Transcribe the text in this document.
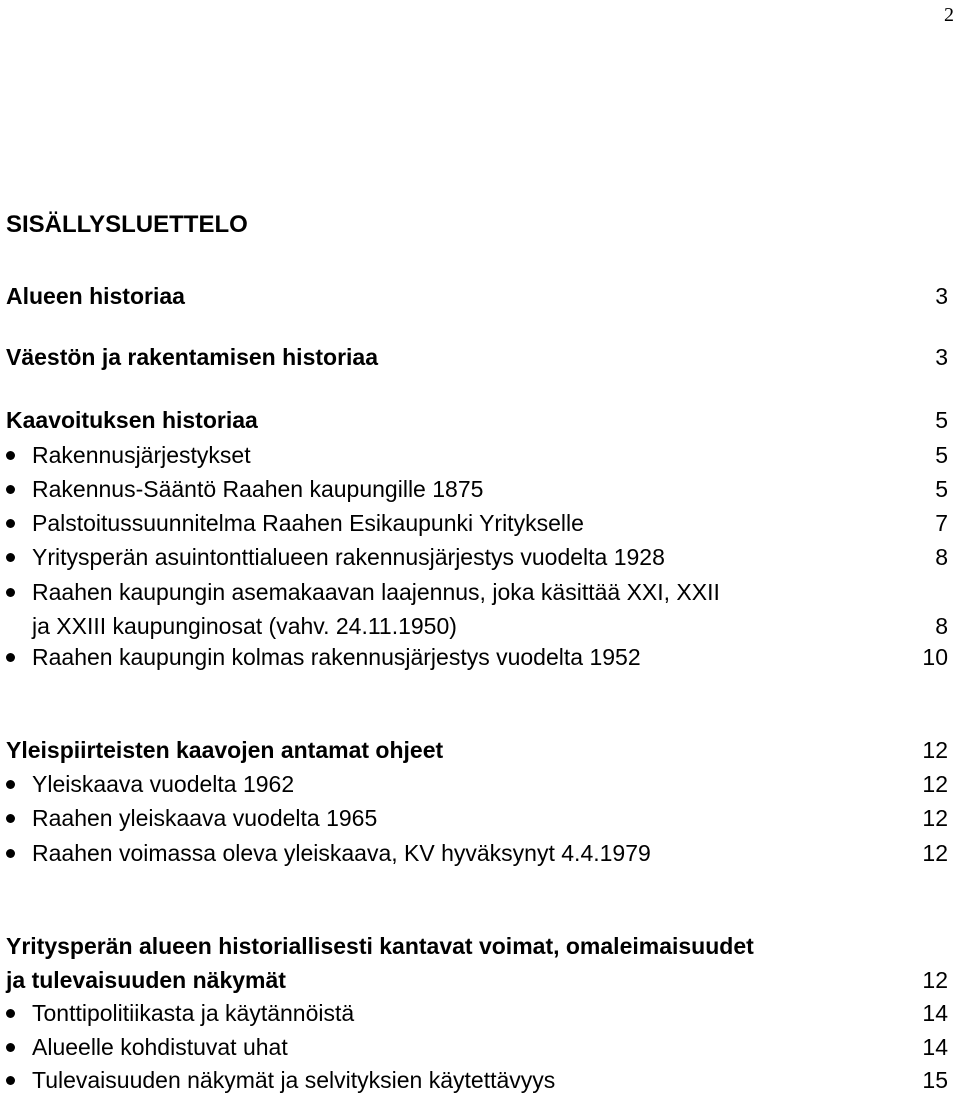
2
SISÄLLYSLUETTELO
Alueen historiaa	3
Väestön ja rakentamisen historiaa	3
Kaavoituksen historiaa	5
Rakennusjärjestykset	5
Rakennus-Sääntö Raahen kaupungille 1875	5
Palstoitussuunnitelma Raahen Esikaupunki Yritykselle	7
Yritysperän asuintonttialueen rakennusjärjestys vuodelta 1928	8
Raahen kaupungin asemakaavan laajennus, joka käsittää XXI, XXII
ja XXIII kaupunginosat (vahv. 24.11.1950)	8
Raahen kaupungin kolmas rakennusjärjestys vuodelta 1952	10
Yleispiirteisten kaavojen antamat ohjeet	12
Yleiskaava vuodelta 1962	12
Raahen yleiskaava vuodelta 1965	12
Raahen voimassa oleva yleiskaava, KV hyväksynyt 4.4.1979	12
Yritysperän alueen historiallisesti kantavat voimat, omaleimaisuudet
ja tulevaisuuden näkymät	12
Tonttipolitiikasta ja käytännöistä	14
Alueelle kohdistuvat uhat	14
Tulevaisuuden näkymät ja selvityksien käytettävyys	15
